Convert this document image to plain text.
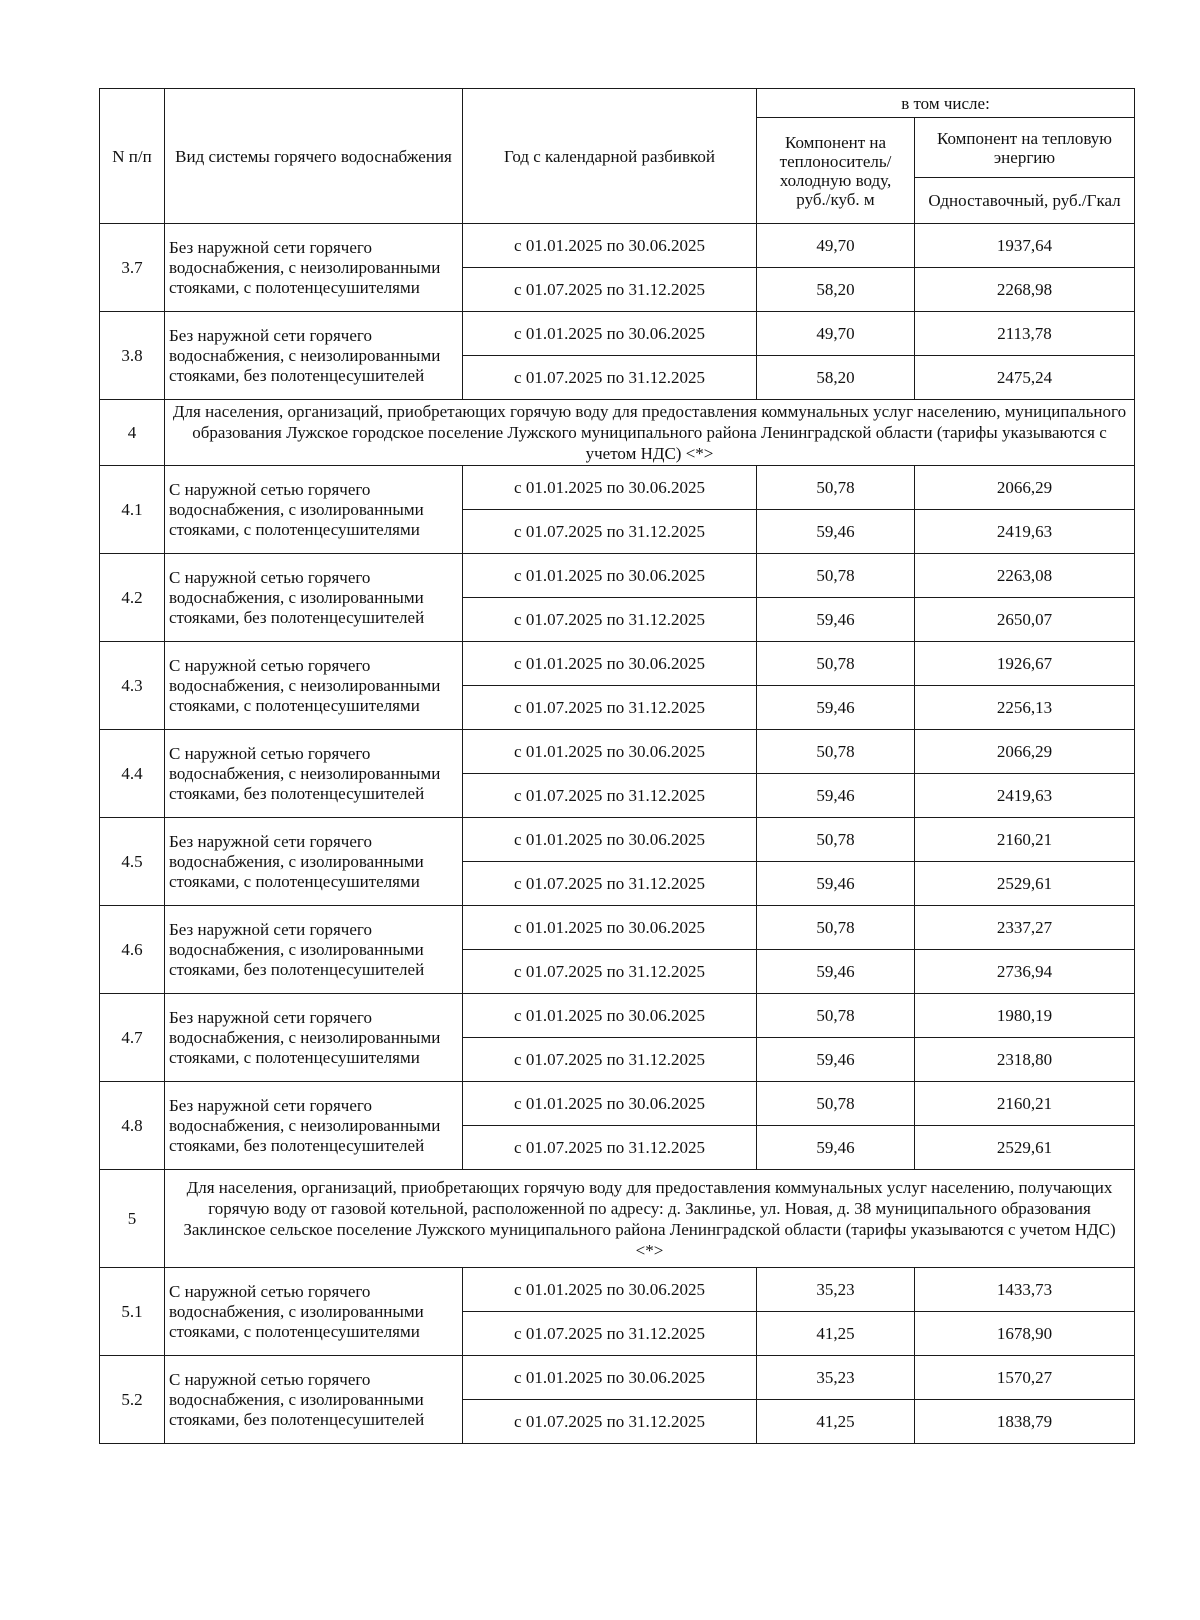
N п/п	Вид системы горячего водоснабжения	Год с календарной разбивкой	в том числе:	
			Компонент на теплоноситель/ холодную воду, руб./куб. м	Компонент на тепловую энергию
				Одноставочный, руб./Гкал
3.7	Без наружной сети горячего водоснабжения, с неизолированными стояками, с полотенцесушителями	с 01.01.2025 по 30.06.2025	49,70	1937,64
		с 01.07.2025 по 31.12.2025	58,20	2268,98
3.8	Без наружной сети горячего водоснабжения, с неизолированными стояками, без полотенцесушителей	с 01.01.2025 по 30.06.2025	49,70	2113,78
		с 01.07.2025 по 31.12.2025	58,20	2475,24
4	Для населения, организаций, приобретающих горячую воду для предоставления коммунальных услуг населению, муниципального образования Лужское городское поселение Лужского муниципального района Ленинградской области (тарифы указываются с учетом НДС) <*>			
4.1	С наружной сетью горячего водоснабжения, с изолированными стояками, с полотенцесушителями	с 01.01.2025 по 30.06.2025	50,78	2066,29
		с 01.07.2025 по 31.12.2025	59,46	2419,63
4.2	С наружной сетью горячего водоснабжения, с изолированными стояками, без полотенцесушителей	с 01.01.2025 по 30.06.2025	50,78	2263,08
		с 01.07.2025 по 31.12.2025	59,46	2650,07
4.3	С наружной сетью горячего водоснабжения, с неизолированными стояками, с полотенцесушителями	с 01.01.2025 по 30.06.2025	50,78	1926,67
		с 01.07.2025 по 31.12.2025	59,46	2256,13
4.4	С наружной сетью горячего водоснабжения, с неизолированными стояками, без полотенцесушителей	с 01.01.2025 по 30.06.2025	50,78	2066,29
		с 01.07.2025 по 31.12.2025	59,46	2419,63
4.5	Без наружной сети горячего водоснабжения, с изолированными стояками, с полотенцесушителями	с 01.01.2025 по 30.06.2025	50,78	2160,21
		с 01.07.2025 по 31.12.2025	59,46	2529,61
4.6	Без наружной сети горячего водоснабжения, с изолированными стояками, без полотенцесушителей	с 01.01.2025 по 30.06.2025	50,78	2337,27
		с 01.07.2025 по 31.12.2025	59,46	2736,94
4.7	Без наружной сети горячего водоснабжения, с неизолированными стояками, с полотенцесушителями	с 01.01.2025 по 30.06.2025	50,78	1980,19
		с 01.07.2025 по 31.12.2025	59,46	2318,80
4.8	Без наружной сети горячего водоснабжения, с неизолированными стояками, без полотенцесушителей	с 01.01.2025 по 30.06.2025	50,78	2160,21
		с 01.07.2025 по 31.12.2025	59,46	2529,61
5	Для населения, организаций, приобретающих горячую воду для предоставления коммунальных услуг населению, получающих горячую воду от газовой котельной, расположенной по адресу: д. Заклинье, ул. Новая, д. 38 муниципального образования Заклинское сельское поселение Лужского муниципального района Ленинградской области (тарифы указываются с учетом НДС) <*>			
5.1	С наружной сетью горячего водоснабжения, с изолированными стояками, с полотенцесушителями	с 01.01.2025 по 30.06.2025	35,23	1433,73
		с 01.07.2025 по 31.12.2025	41,25	1678,90
5.2	С наружной сетью горячего водоснабжения, с изолированными стояками, без полотенцесушителей	с 01.01.2025 по 30.06.2025	35,23	1570,27
		с 01.07.2025 по 31.12.2025	41,25	1838,79
